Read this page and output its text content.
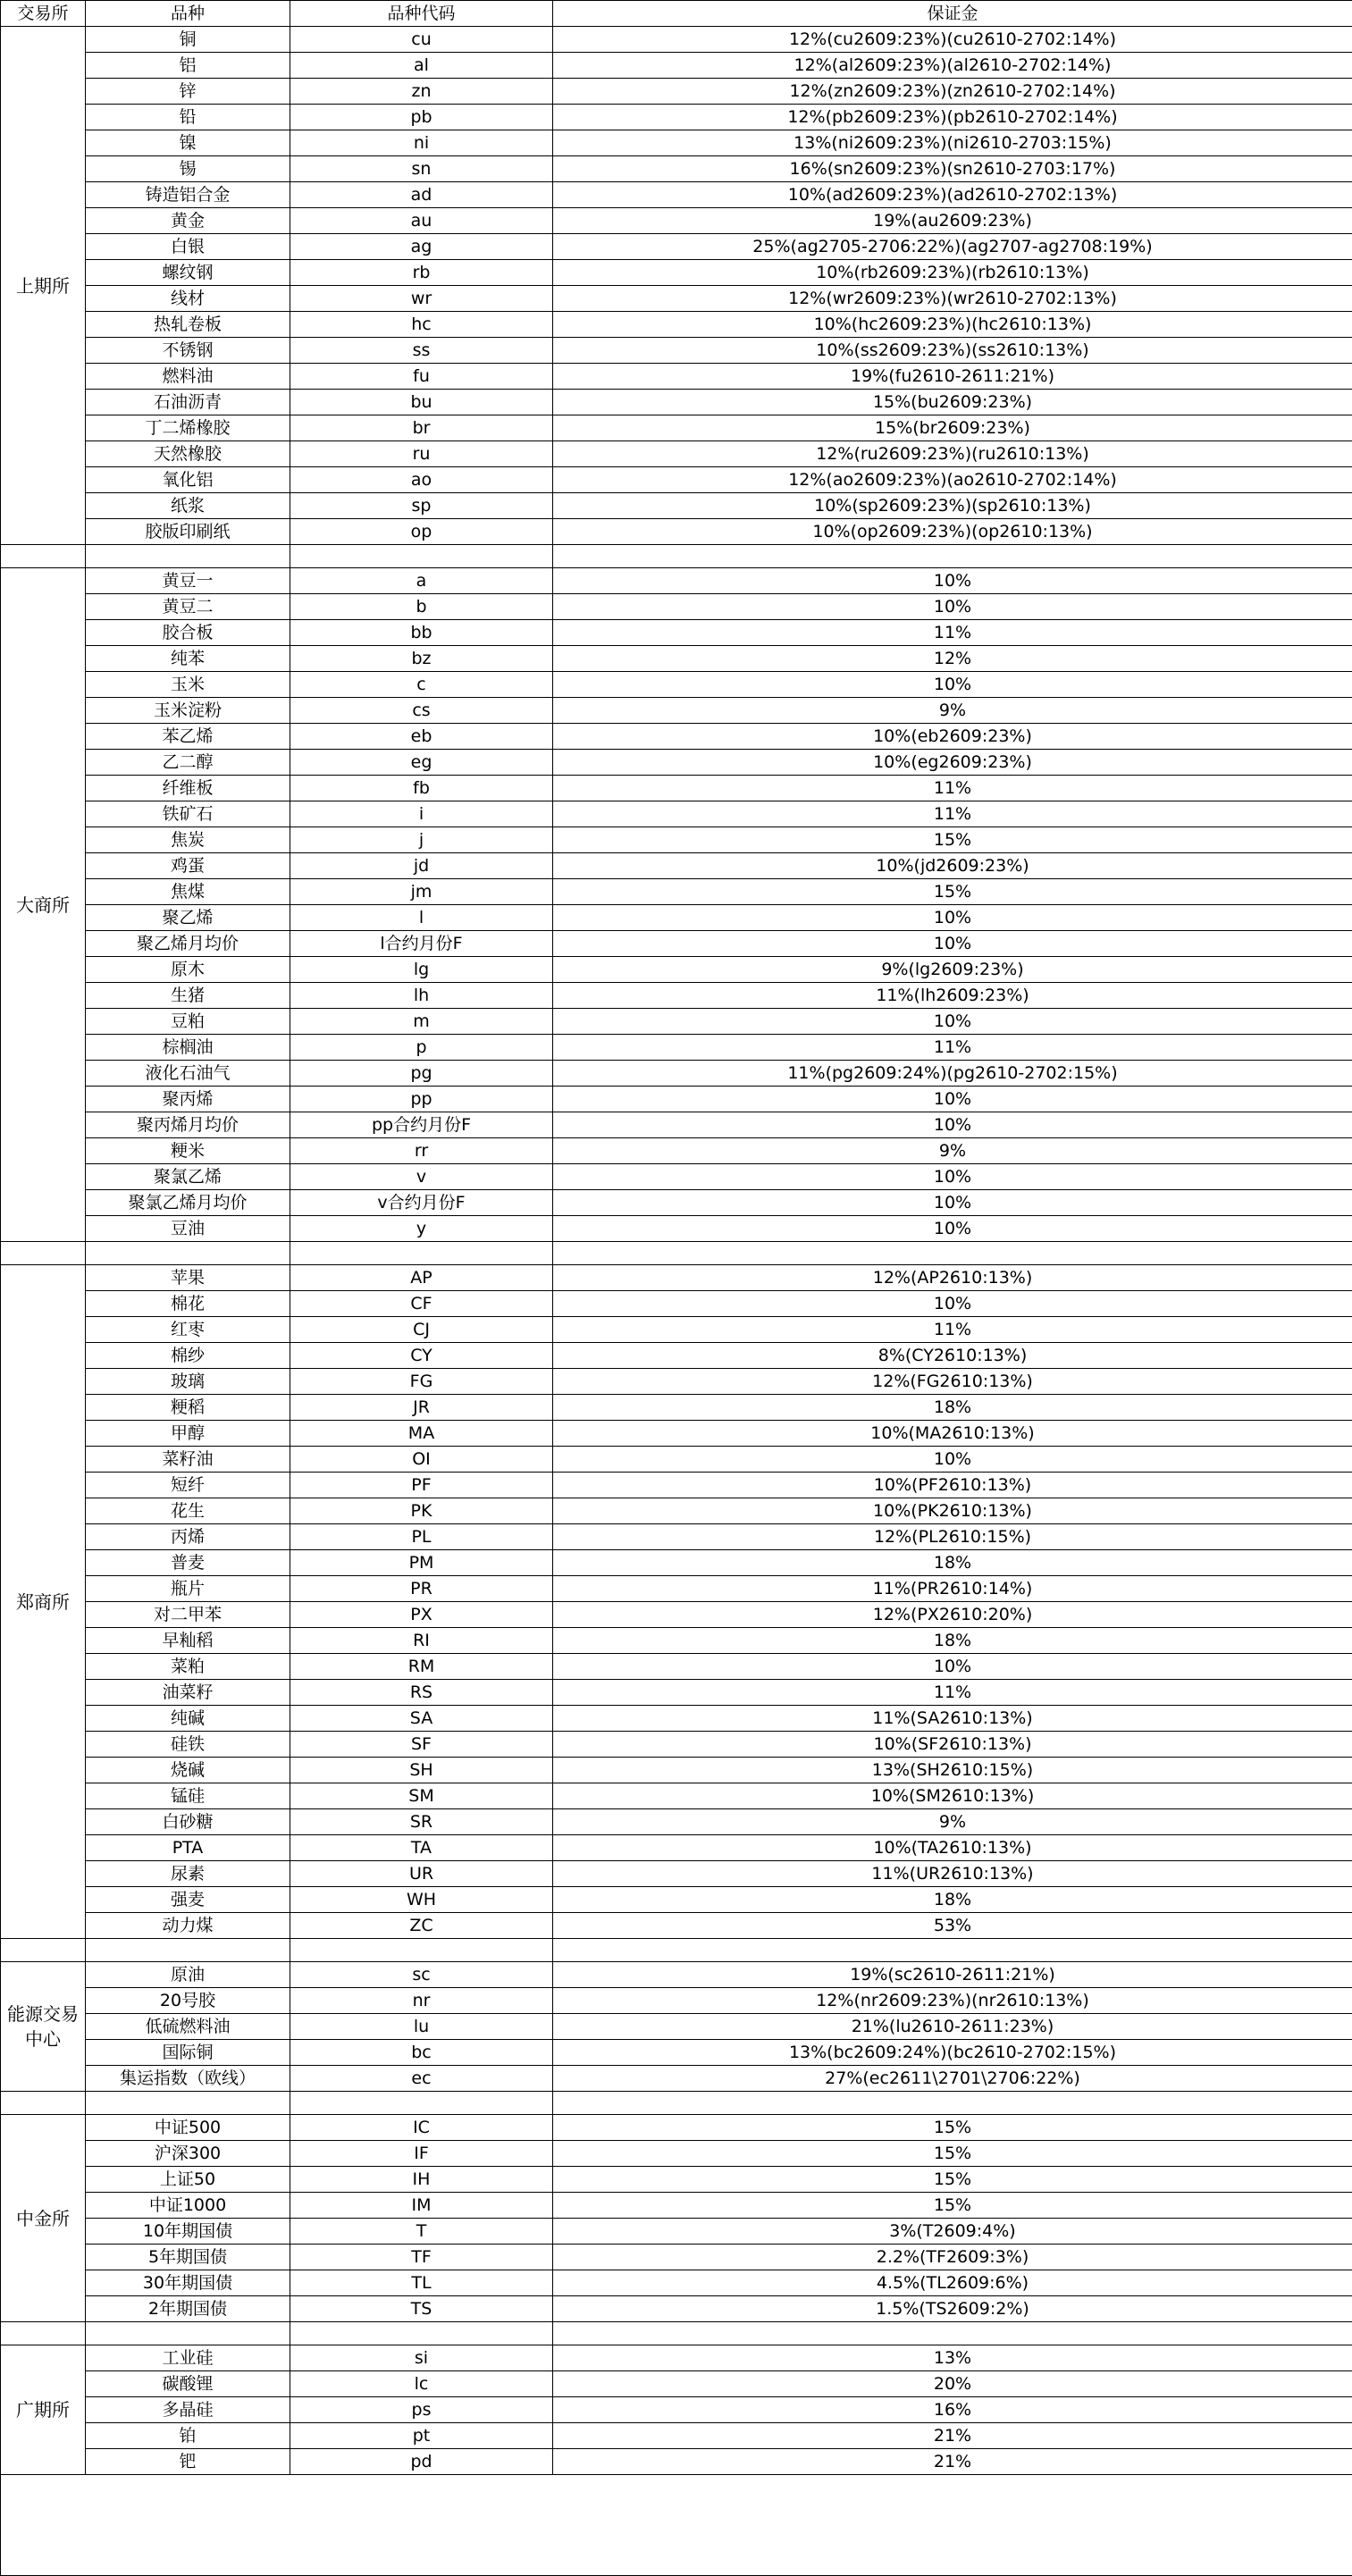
交易所	品种	品种代码	保证金
上期所	铜	cu	12%(cu2609:23%)(cu2610-2702:14%)
	铝	al	12%(al2609:23%)(al2610-2702:14%)
	锌	zn	12%(zn2609:23%)(zn2610-2702:14%)
	铅	pb	12%(pb2609:23%)(pb2610-2702:14%)
	镍	ni	13%(ni2609:23%)(ni2610-2703:15%)
	锡	sn	16%(sn2609:23%)(sn2610-2703:17%)
	铸造铝合金	ad	10%(ad2609:23%)(ad2610-2702:13%)
	黄金	au	19%(au2609:23%)
	白银	ag	25%(ag2705-2706:22%)(ag2707-ag2708:19%)
	螺纹钢	rb	10%(rb2609:23%)(rb2610:13%)
	线材	wr	12%(wr2609:23%)(wr2610-2702:13%)
	热轧卷板	hc	10%(hc2609:23%)(hc2610:13%)
	不锈钢	ss	10%(ss2609:23%)(ss2610:13%)
	燃料油	fu	19%(fu2610-2611:21%)
	石油沥青	bu	15%(bu2609:23%)
	丁二烯橡胶	br	15%(br2609:23%)
	天然橡胶	ru	12%(ru2609:23%)(ru2610:13%)
	氧化铝	ao	12%(ao2609:23%)(ao2610-2702:14%)
	纸浆	sp	10%(sp2609:23%)(sp2610:13%)
	胶版印刷纸	op	10%(op2609:23%)(op2610:13%)

大商所	黄豆一	a	10%
	黄豆二	b	10%
	胶合板	bb	11%
	纯苯	bz	12%
	玉米	c	10%
	玉米淀粉	cs	9%
	苯乙烯	eb	10%(eb2609:23%)
	乙二醇	eg	10%(eg2609:23%)
	纤维板	fb	11%
	铁矿石	i	11%
	焦炭	j	15%
	鸡蛋	jd	10%(jd2609:23%)
	焦煤	jm	15%
	聚乙烯	l	10%
	聚乙烯月均价	l合约月份F	10%
	原木	lg	9%(lg2609:23%)
	生猪	lh	11%(lh2609:23%)
	豆粕	m	10%
	棕榈油	p	11%
	液化石油气	pg	11%(pg2609:24%)(pg2610-2702:15%)
	聚丙烯	pp	10%
	聚丙烯月均价	pp合约月份F	10%
	粳米	rr	9%
	聚氯乙烯	v	10%
	聚氯乙烯月均价	v合约月份F	10%
	豆油	y	10%

郑商所	苹果	AP	12%(AP2610:13%)
	棉花	CF	10%
	红枣	CJ	11%
	棉纱	CY	8%(CY2610:13%)
	玻璃	FG	12%(FG2610:13%)
	粳稻	JR	18%
	甲醇	MA	10%(MA2610:13%)
	菜籽油	OI	10%
	短纤	PF	10%(PF2610:13%)
	花生	PK	10%(PK2610:13%)
	丙烯	PL	12%(PL2610:15%)
	普麦	PM	18%
	瓶片	PR	11%(PR2610:14%)
	对二甲苯	PX	12%(PX2610:20%)
	早籼稻	RI	18%
	菜粕	RM	10%
	油菜籽	RS	11%
	纯碱	SA	11%(SA2610:13%)
	硅铁	SF	10%(SF2610:13%)
	烧碱	SH	13%(SH2610:15%)
	锰硅	SM	10%(SM2610:13%)
	白砂糖	SR	9%
	PTA	TA	10%(TA2610:13%)
	尿素	UR	11%(UR2610:13%)
	强麦	WH	18%
	动力煤	ZC	53%

能源交易中心	原油	sc	19%(sc2610-2611:21%)
	20号胶	nr	12%(nr2609:23%)(nr2610:13%)
	低硫燃料油	lu	21%(lu2610-2611:23%)
	国际铜	bc	13%(bc2609:24%)(bc2610-2702:15%)
	集运指数（欧线）	ec	27%(ec2611\2701\2706:22%)

中金所	中证500	IC	15%
	沪深300	IF	15%
	上证50	IH	15%
	中证1000	IM	15%
	10年期国债	T	3%(T2609:4%)
	5年期国债	TF	2.2%(TF2609:3%)
	30年期国债	TL	4.5%(TL2609:6%)
	2年期国债	TS	1.5%(TS2609:2%)

广期所	工业硅	si	13%
	碳酸锂	lc	20%
	多晶硅	ps	16%
	铂	pt	21%
	钯	pd	21%
